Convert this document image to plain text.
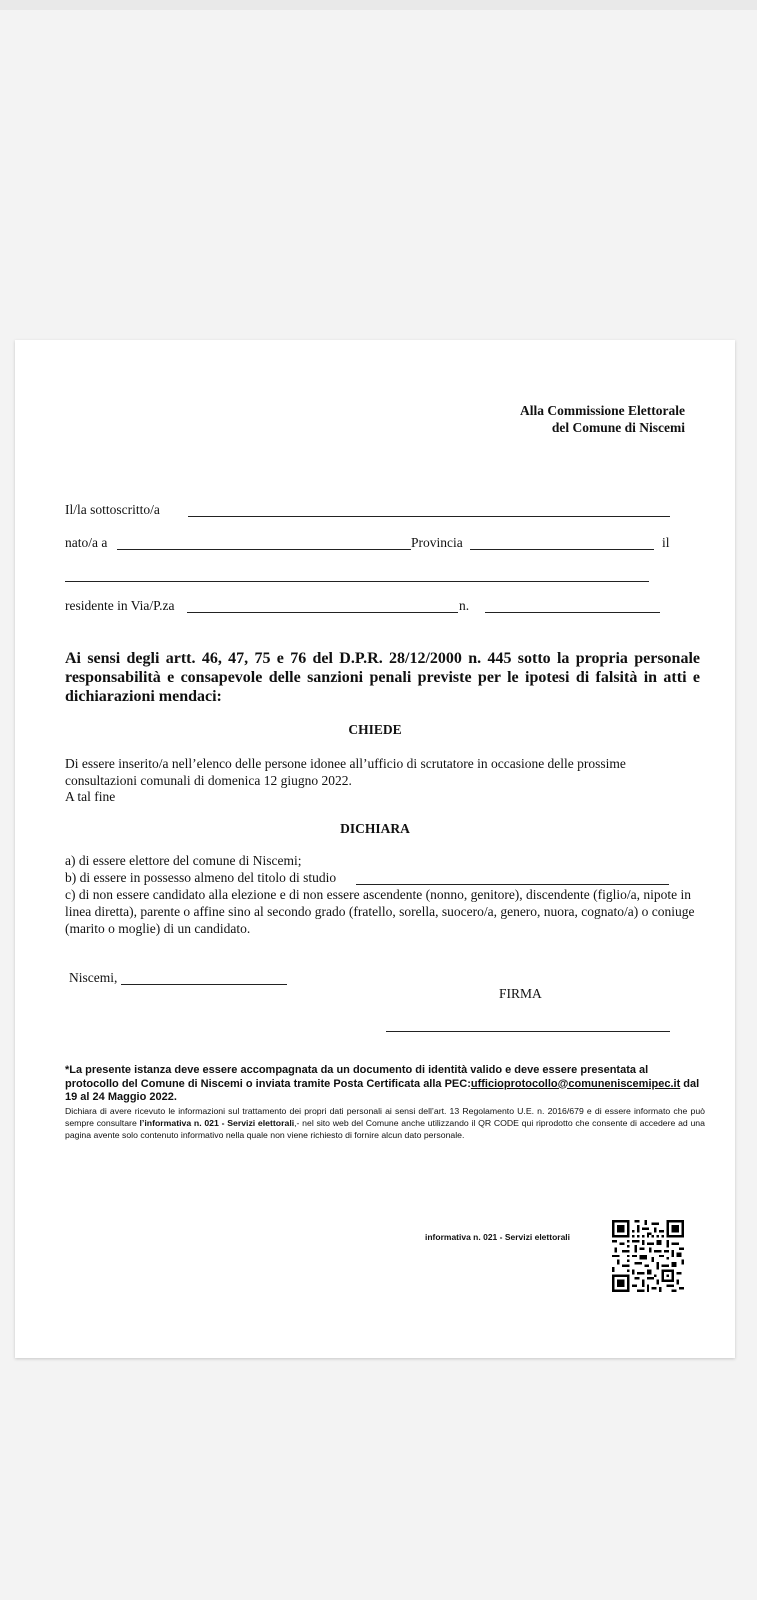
Alla Commissione Elettorale
del Comune di Niscemi
Il/la sottoscritto/a
nato/a a	Provincia	il
residente in Via/P.za	n.
Ai sensi degli artt. 46, 47, 75 e 76 del D.P.R. 28/12/2000 n. 445 sotto la propria personale responsabilità e consapevole delle sanzioni penali previste per le ipotesi di falsità in atti e dichiarazioni mendaci:
CHIEDE
Di essere inserito/a nell’elenco delle persone idonee all’ufficio di scrutatore in occasione delle prossime
consultazioni comunali di domenica 12 giugno 2022.
A tal fine
DICHIARA
a) di essere elettore del comune di Niscemi;
b) di essere in possesso almeno del titolo di studio
c) di non essere candidato alla elezione e di non essere ascendente (nonno, genitore), discendente (figlio/a, nipote in linea diretta), parente o affine sino al secondo grado (fratello, sorella, suocero/a, genero, nuora, cognato/a) o coniuge (marito o moglie) di un candidato.
Niscemi,
FIRMA
*La presente istanza deve essere accompagnata da un documento di identità valido e deve essere presentata al protocollo del Comune di Niscemi o inviata tramite Posta Certificata alla PEC:ufficioprotocollo@comuneniscemipec.it dal 19 al 24 Maggio 2022.
Dichiara di avere ricevuto le informazioni sul trattamento dei propri dati personali ai sensi dell’art. 13 Regolamento U.E. n. 2016/679 e di essere informato che può sempre consultare l’informativa n. 021 - Servizi elettorali,- nel sito web del Comune anche utilizzando il QR CODE qui riprodotto che consente di accedere ad una pagina avente solo contenuto informativo nella quale non viene richiesto di fornire alcun dato personale.
informativa n. 021 - Servizi elettorali
